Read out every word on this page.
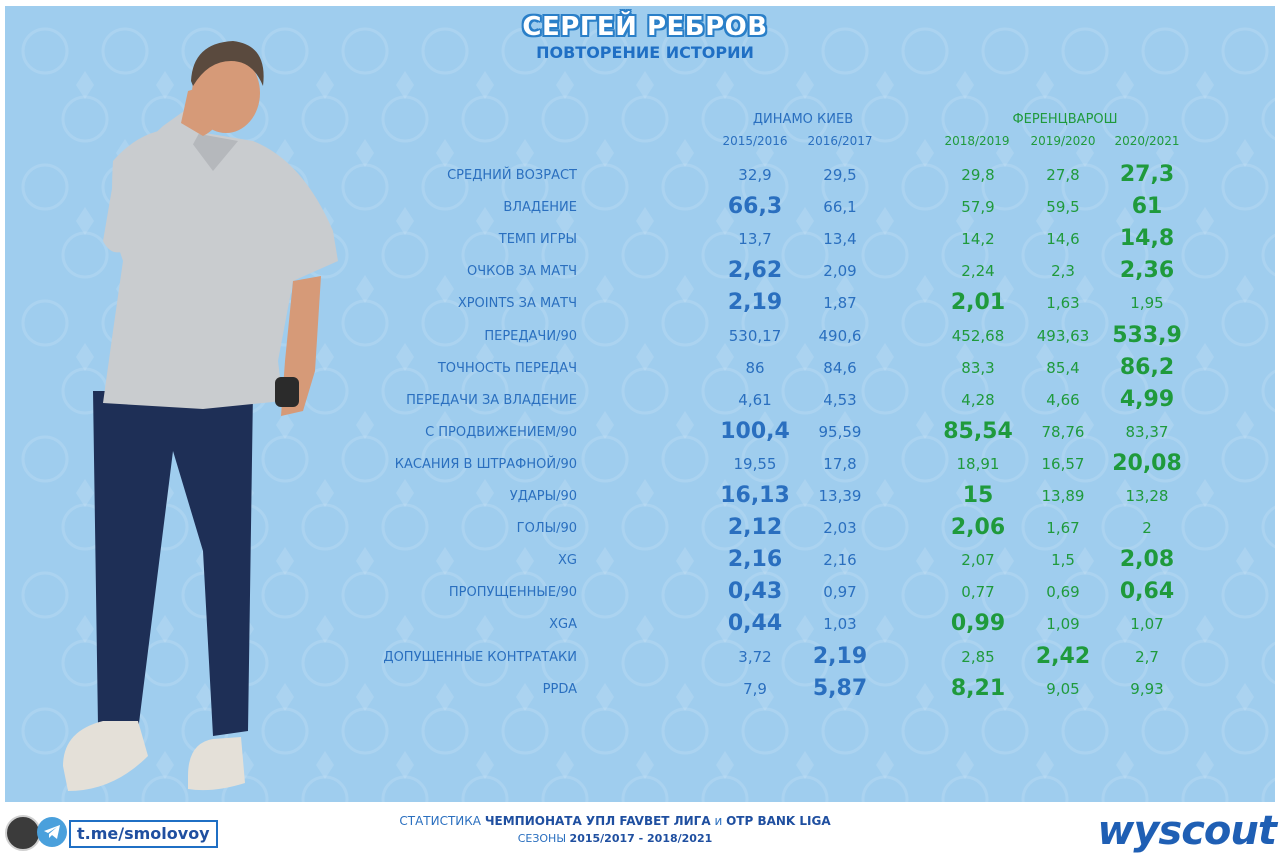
СЕРГЕЙ РЕБРОВ
ПОВТОРЕНИЕ ИСТОРИИ
ДИНАМО КИЕВ	ФЕРЕНЦВАРОШ
2015/2016	2016/2017	2018/2019	2019/2020	2020/2021
СРЕДНИЙ ВОЗРАСТ	32,9	29,5	29,8	27,8	27,3
ВЛАДЕНИЕ	66,3	66,1	57,9	59,5	61
ТЕМП ИГРЫ	13,7	13,4	14,2	14,6	14,8
ОЧКОВ ЗА МАТЧ	2,62	2,09	2,24	2,3	2,36
XPOINTS ЗА МАТЧ	2,19	1,87	2,01	1,63	1,95
ПЕРЕДАЧИ/90	530,17	490,6	452,68	493,63	533,9
ТОЧНОСТЬ ПЕРЕДАЧ	86	84,6	83,3	85,4	86,2
ПЕРЕДАЧИ ЗА ВЛАДЕНИЕ	4,61	4,53	4,28	4,66	4,99
С ПРОДВИЖЕНИЕМ/90	100,4	95,59	85,54	78,76	83,37
КАСАНИЯ В ШТРАФНОЙ/90	19,55	17,8	18,91	16,57	20,08
УДАРЫ/90	16,13	13,39	15	13,89	13,28
ГОЛЫ/90	2,12	2,03	2,06	1,67	2
XG	2,16	2,16	2,07	1,5	2,08
ПРОПУЩЕННЫЕ/90	0,43	0,97	0,77	0,69	0,64
XGA	0,44	1,03	0,99	1,09	1,07
ДОПУЩЕННЫЕ КОНТРАТАКИ	3,72	2,19	2,85	2,42	2,7
PPDA	7,9	5,87	8,21	9,05	9,93
t.me/smolovoy
СТАТИСТИКА ЧЕМПИОНАТА УПЛ FAVBET ЛИГА и OTP BANK LIGA
СЕЗОНЫ 2015/2017 - 2018/2021	wyscout
